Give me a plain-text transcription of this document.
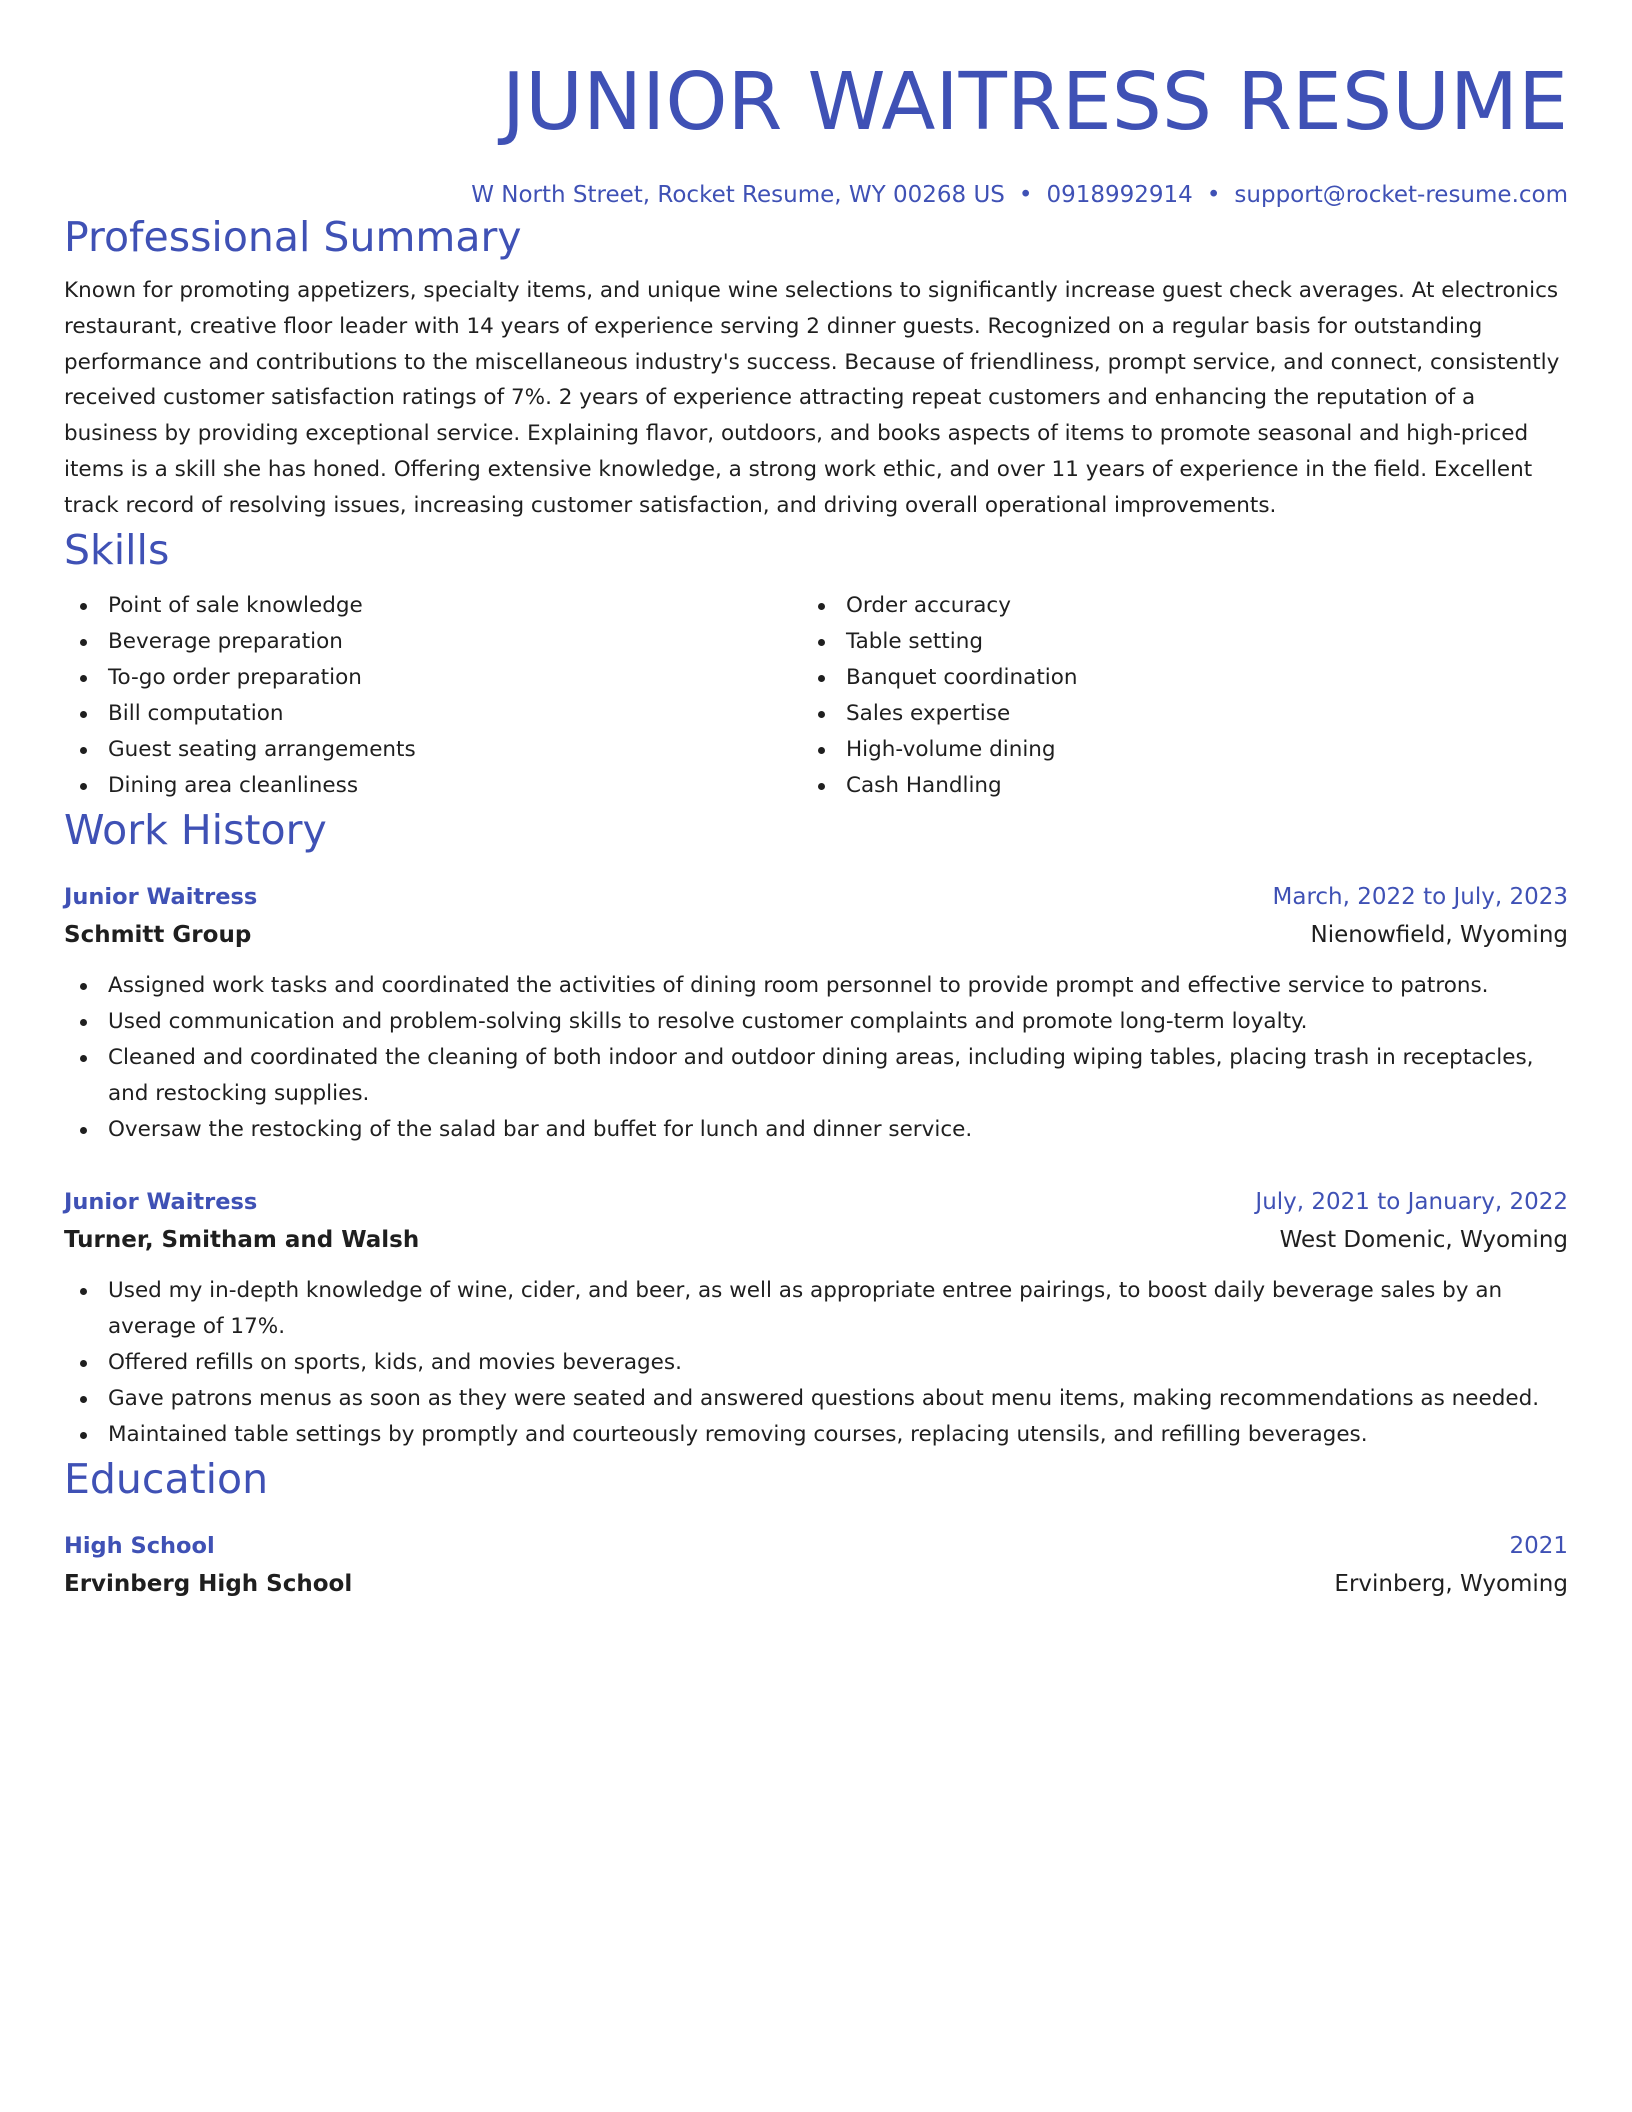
JUNIOR WAITRESS RESUME
W North Street, Rocket Resume, WY 00268 US • 0918992914 • support@rocket-resume.com
Professional Summary

Known for promoting appetizers, specialty items, and unique wine selections to significantly increase guest check averages. At electronics restaurant, creative floor leader with 14 years of experience serving 2 dinner guests. Recognized on a regular basis for outstanding performance and contributions to the miscellaneous industry's success. Because of friendliness, prompt service, and connect, consistently received customer satisfaction ratings of 7%. 2 years of experience attracting repeat customers and enhancing the reputation of a business by providing exceptional service. Explaining flavor, outdoors, and books aspects of items to promote seasonal and high-priced items is a skill she has honed. Offering extensive knowledge, a strong work ethic, and over 11 years of experience in the field. Excellent track record of resolving issues, increasing customer satisfaction, and driving overall operational improvements.

Skills
Point of sale knowledge
Beverage preparation
To-go order preparation
Bill computation
Guest seating arrangements
Dining area cleanliness
Order accuracy
Table setting
Banquet coordination
Sales expertise
High-volume dining
Cash Handling
Work History
Junior Waitress	March, 2022 to July, 2023
Schmitt Group	Nienowfield, Wyoming
Assigned work tasks and coordinated the activities of dining room personnel to provide prompt and effective service to patrons.
Used communication and problem-solving skills to resolve customer complaints and promote long-term loyalty.
Cleaned and coordinated the cleaning of both indoor and outdoor dining areas, including wiping tables, placing trash in receptacles, and restocking supplies.
Oversaw the restocking of the salad bar and buffet for lunch and dinner service.
Junior Waitress	July, 2021 to January, 2022
Turner, Smitham and Walsh	West Domenic, Wyoming
Used my in-depth knowledge of wine, cider, and beer, as well as appropriate entree pairings, to boost daily beverage sales by an average of 17%.
Offered refills on sports, kids, and movies beverages.
Gave patrons menus as soon as they were seated and answered questions about menu items, making recommendations as needed.
Maintained table settings by promptly and courteously removing courses, replacing utensils, and refilling beverages.
Education
High School	2021
Ervinberg High School	Ervinberg, Wyoming
